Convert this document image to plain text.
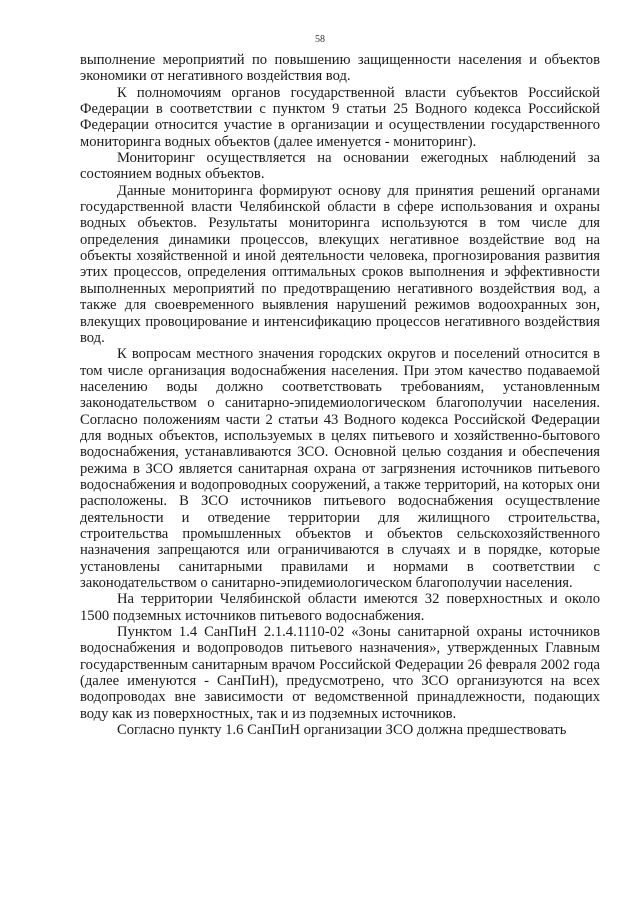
58

выполнение мероприятий по повышению защищенности населения и объектов экономики от негативного воздействия вод.

К полномочиям органов государственной власти субъектов Российской Федерации в соответствии с пунктом 9 статьи 25 Водного кодекса Российской Федерации относится участие в организации и осуществлении государственного мониторинга водных объектов (далее именуется - мониторинг).

Мониторинг осуществляется на основании ежегодных наблюдений за состоянием водных объектов.

Данные мониторинга формируют основу для принятия решений органами государственной власти Челябинской области в сфере использования и охраны водных объектов. Результаты мониторинга используются в том числе для определения динамики процессов, влекущих негативное воздействие вод на объекты хозяйственной и иной деятельности человека, прогнозирования развития этих процессов, определения оптимальных сроков выполнения и эффективности выполненных мероприятий по предотвращению негативного воздействия вод, а также для своевременного выявления нарушений режимов водоохранных зон, влекущих провоцирование и интенсификацию процессов негативного воздействия вод.

К вопросам местного значения городских округов и поселений относится в том числе организация водоснабжения населения. При этом качество подаваемой населению воды должно соответствовать требованиям, установленным законодательством о санитарно-эпидемиологическом благополучии населения. Согласно положениям части 2 статьи 43 Водного кодекса Российской Федерации для водных объектов, используемых в целях питьевого и хозяйственно-бытового водоснабжения, устанавливаются ЗСО. Основной целью создания и обеспечения режима в ЗСО является санитарная охрана от загрязнения источников питьевого водоснабжения и водопроводных сооружений, а также территорий, на которых они расположены. В ЗСО источников питьевого водоснабжения осуществление деятельности и отведение территории для жилищного строительства, строительства промышленных объектов и объектов сельскохозяйственного назначения запрещаются или ограничиваются в случаях и в порядке, которые установлены санитарными правилами и нормами в соответствии с законодательством о санитарно-эпидемиологическом благополучии населения.

На территории Челябинской области имеются 32 поверхностных и около 1500 подземных источников питьевого водоснабжения.

Пунктом 1.4 СанПиН 2.1.4.1110-02 «Зоны санитарной охраны источников водоснабжения и водопроводов питьевого назначения», утвержденных Главным государственным санитарным врачом Российской Федерации 26 февраля 2002 года (далее именуются - СанПиН), предусмотрено, что ЗСО организуются на всех водопроводах вне зависимости от ведомственной принадлежности, подающих воду как из поверхностных, так и из подземных источников.

Согласно пункту 1.6 СанПиН организации ЗСО должна предшествовать
